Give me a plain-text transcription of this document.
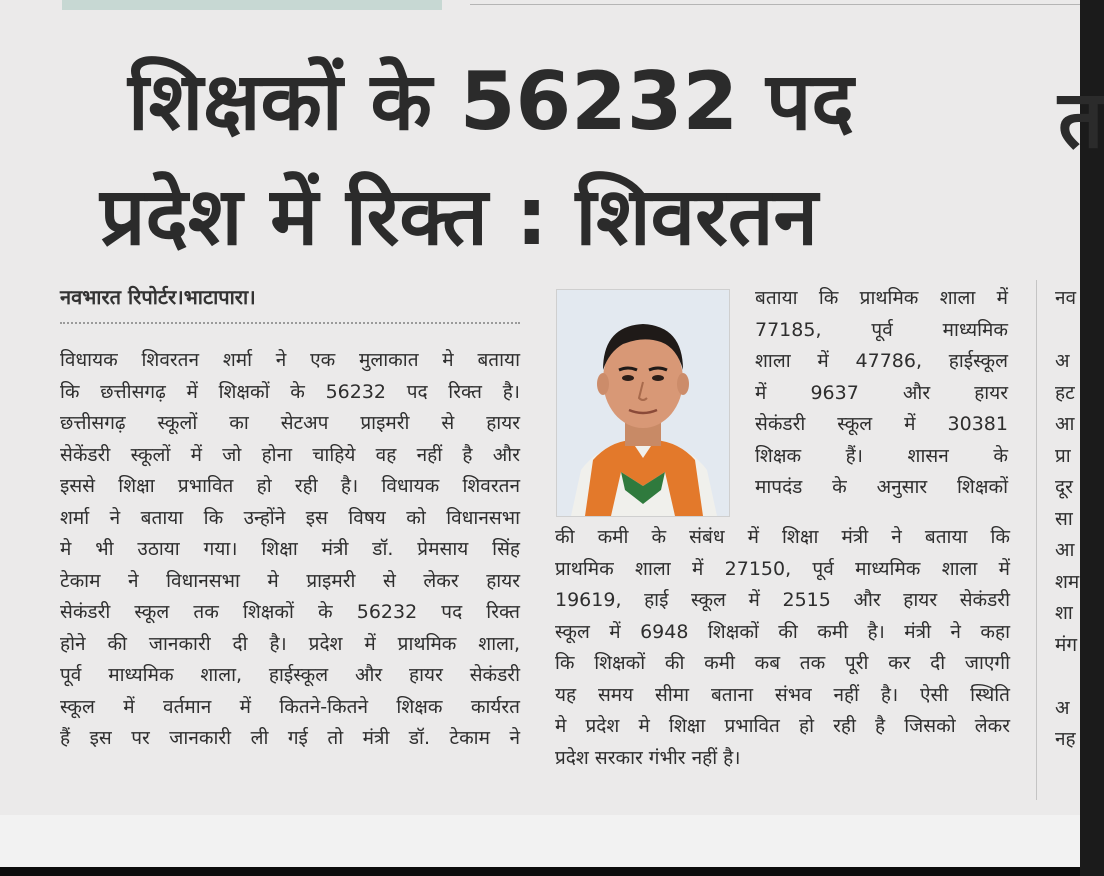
शिक्षकों के 56232 पद
प्रदेश में रिक्त : शिवरतन
त
नवभारत रिपोर्टर।भाटापारा।
विधायक शिवरतन शर्मा ने एक मुलाकात मे बताया
कि छत्तीसगढ़ में शिक्षकों के 56232 पद रिक्त है।
छत्तीसगढ़ स्कूलों का सेटअप प्राइमरी से हायर
सेकेंडरी स्कूलों में जो होना चाहिये वह नहीं है और
इससे शिक्षा प्रभावित हो रही है। विधायक शिवरतन
शर्मा ने बताया कि उन्होंने इस विषय को विधानसभा
मे भी उठाया गया। शिक्षा मंत्री डॉ. प्रेमसाय सिंह
टेकाम ने विधानसभा मे प्राइमरी से लेकर हायर
सेकंडरी स्कूल तक शिक्षकों के 56232 पद रिक्त
होने की जानकारी दी है। प्रदेश में प्राथमिक शाला,
पूर्व माध्यमिक शाला, हाईस्कूल और हायर सेकंडरी
स्कूल में वर्तमान में कितने-कितने शिक्षक कार्यरत
हैं इस पर जानकारी ली गई तो मंत्री डॉ. टेकाम ने
बताया कि प्राथमिक शाला में
77185, पूर्व माध्यमिक
शाला में 47786, हाईस्कूल
में 9637 और हायर
सेकंडरी स्कूल में 30381
शिक्षक हैं। शासन के
मापदंड के अनुसार शिक्षकों
की कमी के संबंध में शिक्षा मंत्री ने बताया कि
प्राथमिक शाला में 27150, पूर्व माध्यमिक शाला में
19619, हाई स्कूल में 2515 और हायर सेकंडरी
स्कूल में 6948 शिक्षकों की कमी है। मंत्री ने कहा
कि शिक्षकों की कमी कब तक पूरी कर दी जाएगी
यह समय सीमा बताना संभव नहीं है। ऐसी स्थिति
मे प्रदेश मे शिक्षा प्रभावित हो रही है जिसको लेकर
प्रदेश सरकार गंभीर नहीं है।
नव
अ
हट
आ
प्रा
दूर
सा
आ
शम
शा
मंग
अ
नह
